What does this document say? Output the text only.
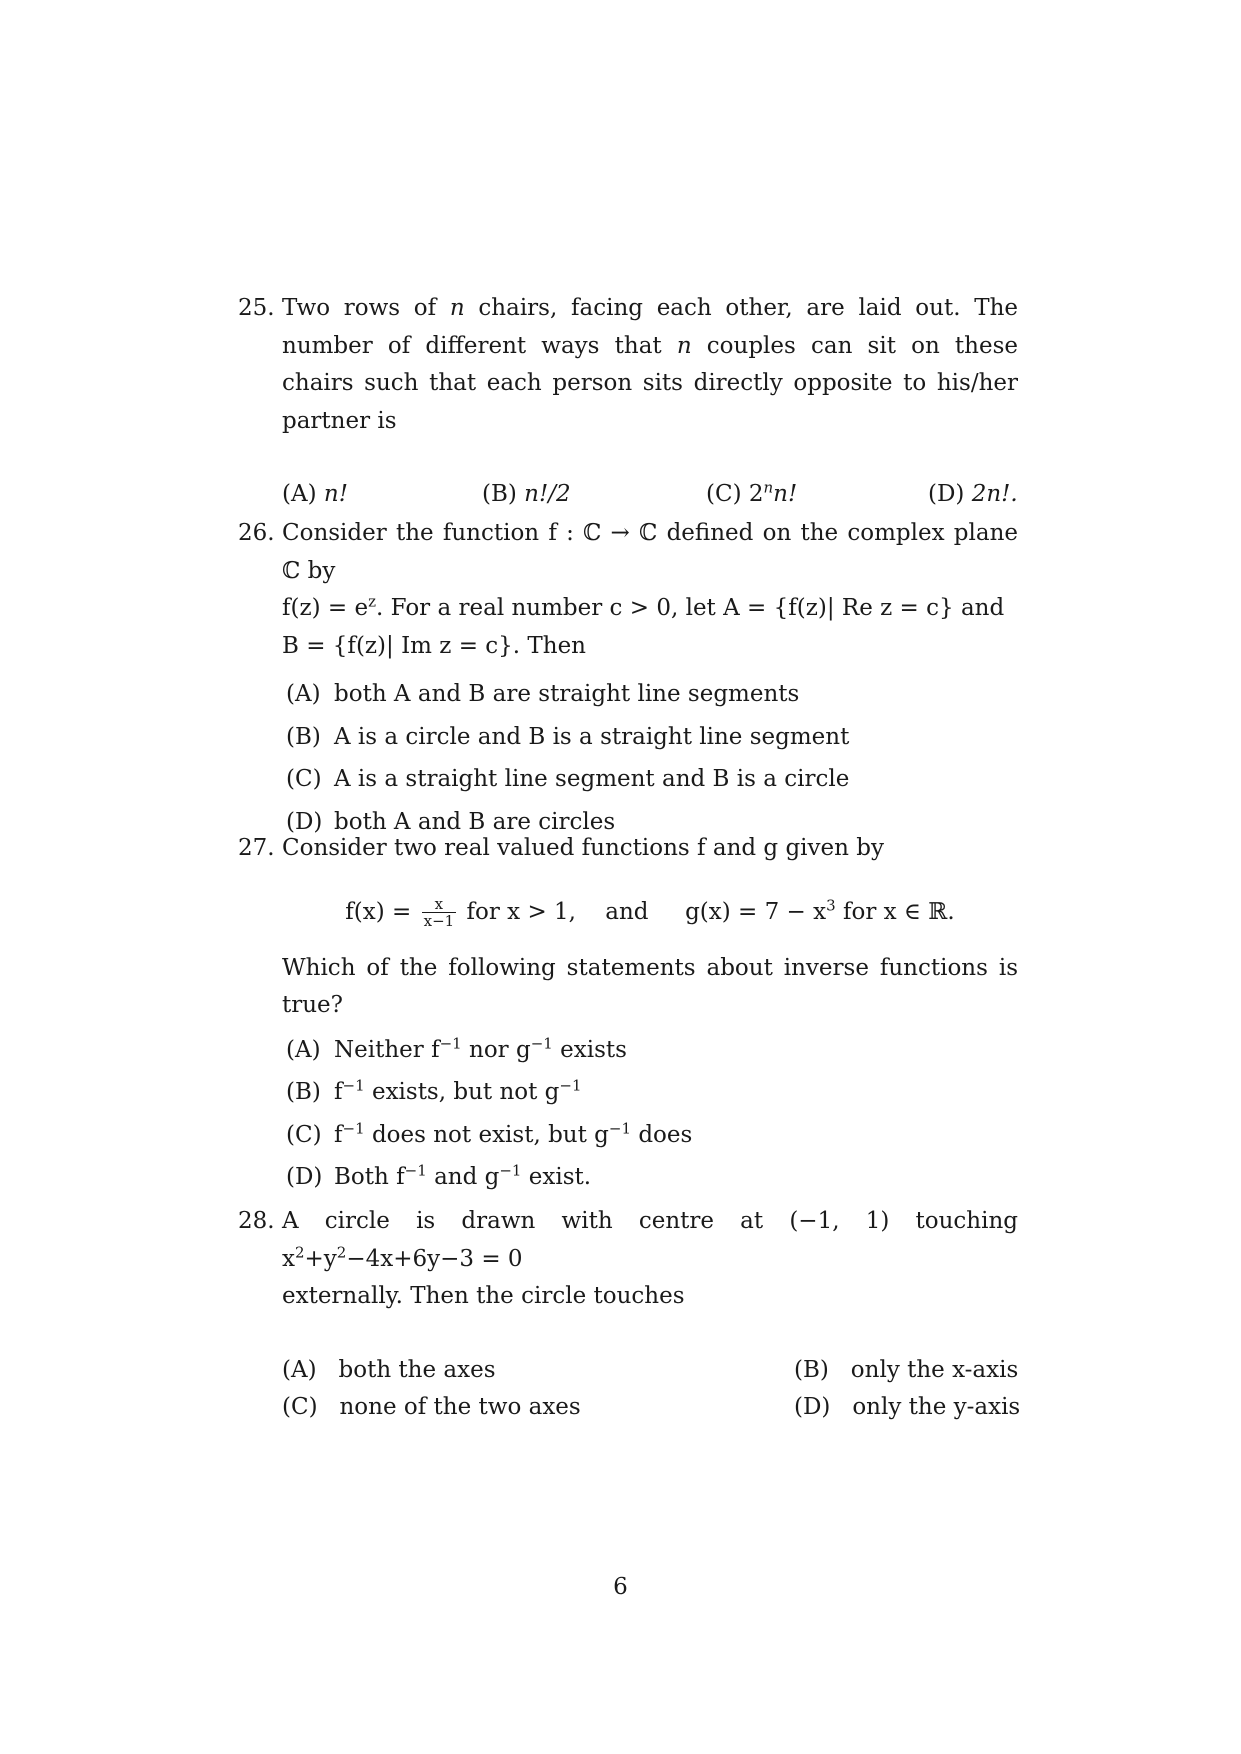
25. Two rows of n chairs, facing each other, are laid out. The number of different ways that n couples can sit on these chairs such that each person sits directly opposite to his/her partner is
(A) n!	(B) n!/2	(C) 2$^n$n!	(D) 2n!.
26. Consider the function f : ℂ → ℂ defined on the complex plane ℂ by
$f(z) = e^z$. For a real number c > 0, let A = {f(z)| Re z = c} and
B = {f(z)| Im z = c}. Then
(A) both A and B are straight line segments
(B) A is a circle and B is a straight line segment
(C) A is a straight line segment and B is a circle
(D) both A and B are circles
27. Consider two real valued functions f and g given by
$f(x) = \frac{x}{x-1}$ for x > 1, and $g(x) = 7 - x^3$ for x ∈ ℝ.
Which of the following statements about inverse functions is true?
(A) Neither $f^{-1}$ nor $g^{-1}$ exists
(B) $f^{-1}$ exists, but not $g^{-1}$
(C) $f^{-1}$ does not exist, but $g^{-1}$ does
(D) Both $f^{-1}$ and $g^{-1}$ exist.
28. A circle is drawn with centre at (−1, 1) touching $x^2+y^2-4x+6y-3 = 0$
externally. Then the circle touches
(A) both the axes	(B) only the x-axis
(C) none of the two axes	(D) only the y-axis
6
